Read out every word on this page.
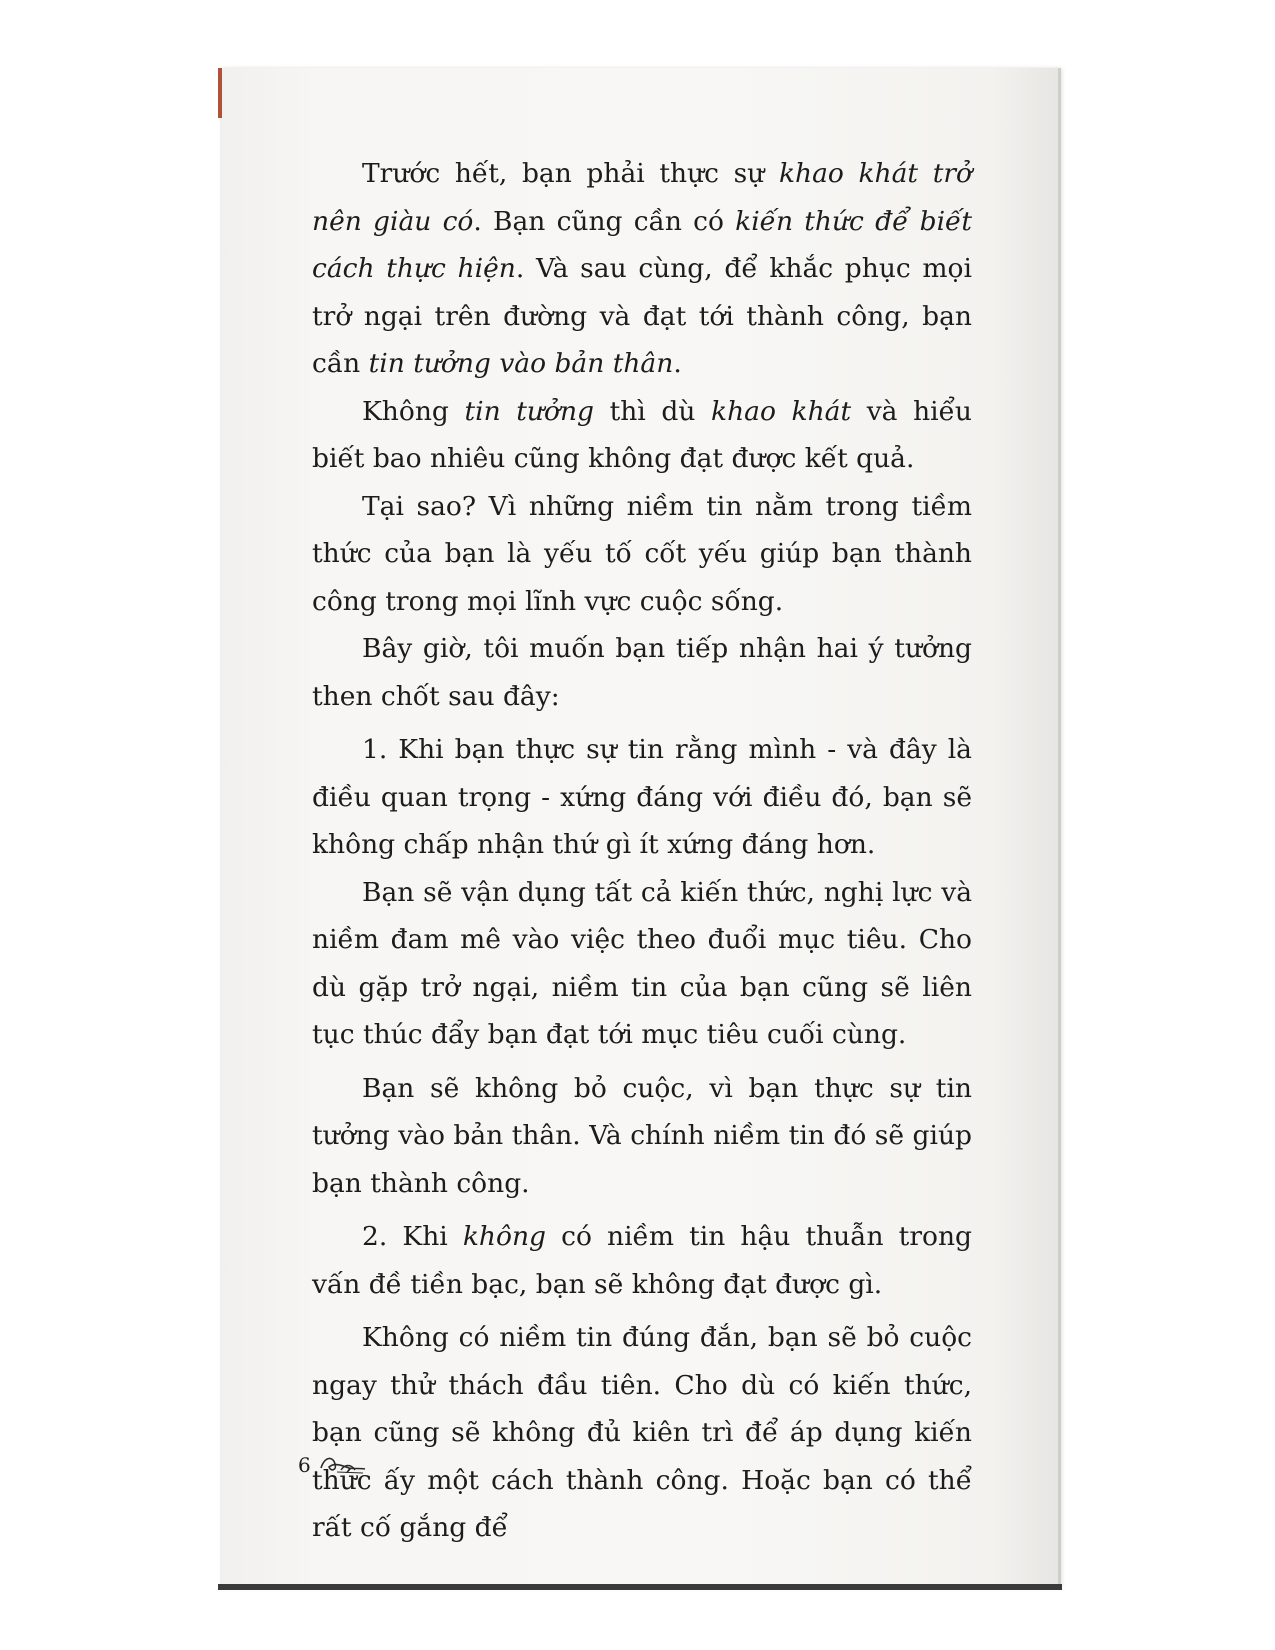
Trước hết, bạn phải thực sự khao khát trở nên giàu có. Bạn cũng cần có kiến thức để biết cách thực hiện. Và sau cùng, để khắc phục mọi trở ngại trên đường và đạt tới thành công, bạn cần tin tưởng vào bản thân.

Không tin tưởng thì dù khao khát và hiểu biết bao nhiêu cũng không đạt được kết quả.

Tại sao? Vì những niềm tin nằm trong tiềm thức của bạn là yếu tố cốt yếu giúp bạn thành công trong mọi lĩnh vực cuộc sống.

Bây giờ, tôi muốn bạn tiếp nhận hai ý tưởng then chốt sau đây:

1. Khi bạn thực sự tin rằng mình - và đây là điều quan trọng - xứng đáng với điều đó, bạn sẽ không chấp nhận thứ gì ít xứng đáng hơn.

Bạn sẽ vận dụng tất cả kiến thức, nghị lực và niềm đam mê vào việc theo đuổi mục tiêu. Cho dù gặp trở ngại, niềm tin của bạn cũng sẽ liên tục thúc đẩy bạn đạt tới mục tiêu cuối cùng.

Bạn sẽ không bỏ cuộc, vì bạn thực sự tin tưởng vào bản thân. Và chính niềm tin đó sẽ giúp bạn thành công.

2. Khi không có niềm tin hậu thuẫn trong vấn đề tiền bạc, bạn sẽ không đạt được gì.

Không có niềm tin đúng đắn, bạn sẽ bỏ cuộc ngay thử thách đầu tiên. Cho dù có kiến thức, bạn cũng sẽ không đủ kiên trì để áp dụng kiến thức ấy một cách thành công. Hoặc bạn có thể rất cố gắng để

6
